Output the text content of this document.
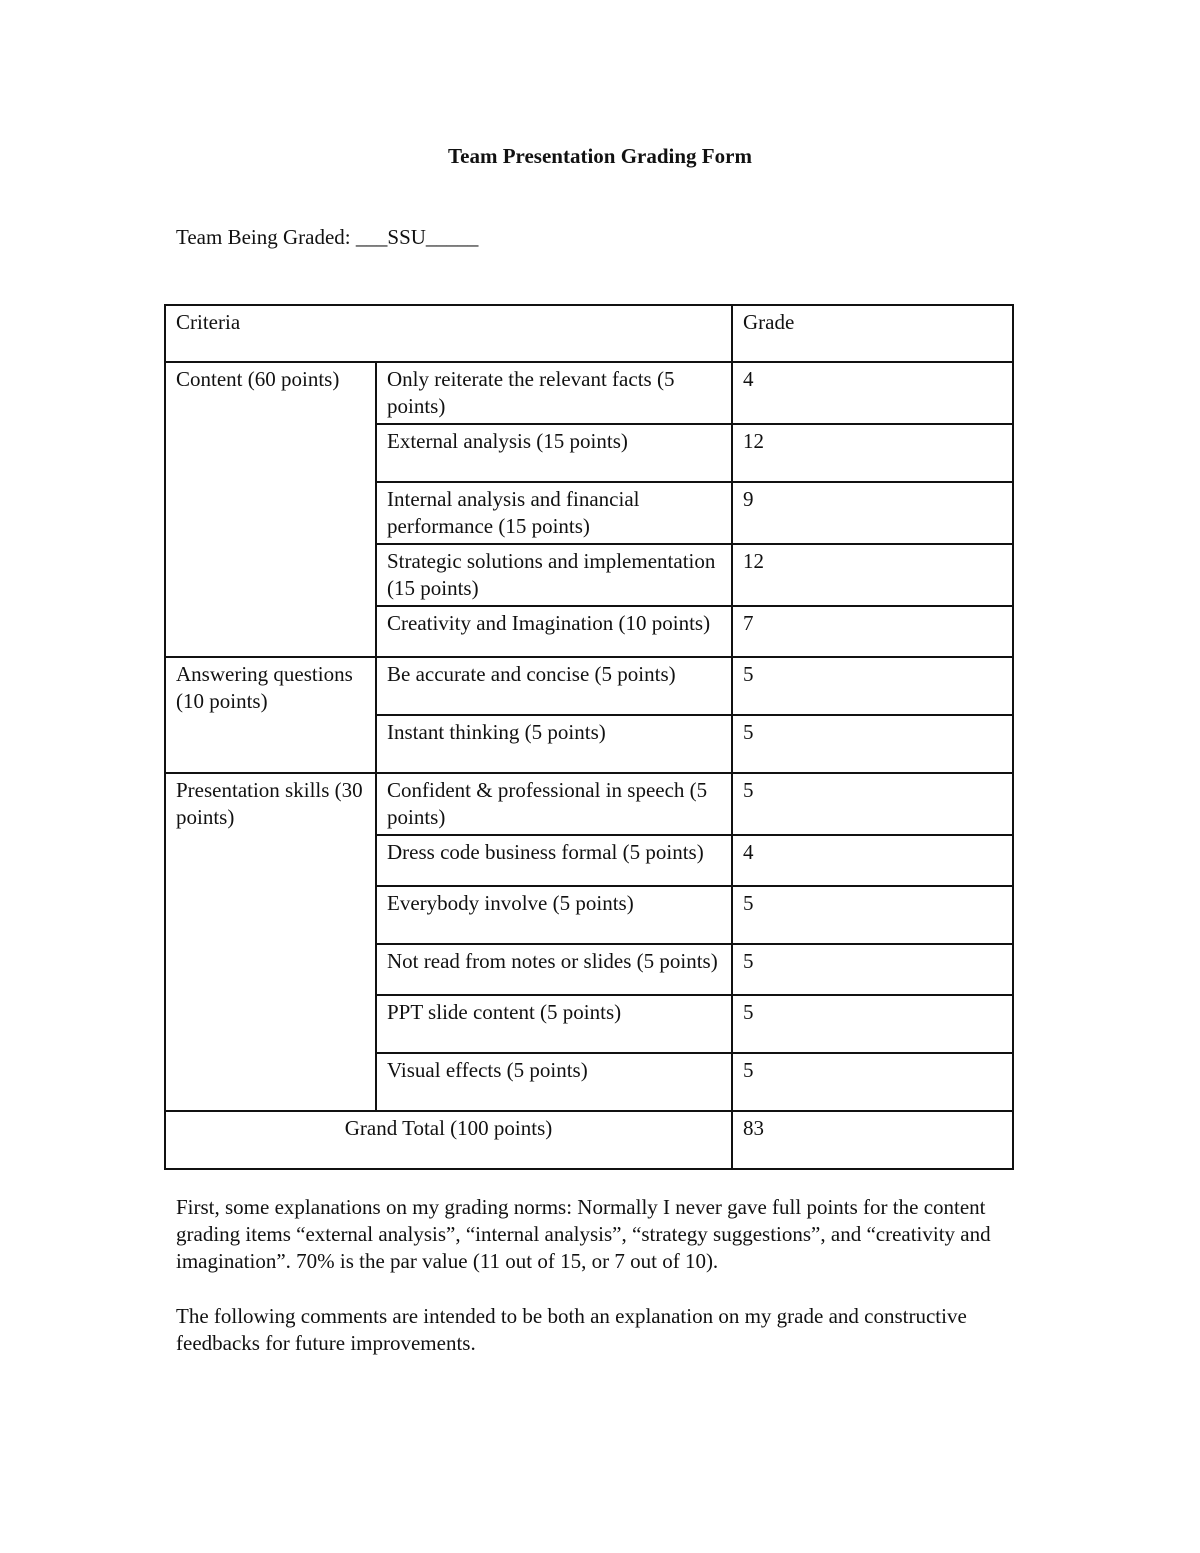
Team Presentation Grading Form
Team Being Graded: ___SSU_____
Criteria		Grade
Content (60 points)	Only reiterate the relevant facts (5 points)	4
	External analysis (15 points)	12
	Internal analysis and financial performance (15 points)	9
	Strategic solutions and implementation (15 points)	12
	Creativity and Imagination (10 points)	7
Answering questions (10 points)	Be accurate and concise (5 points)	5
	Instant thinking (5 points)	5
Presentation skills (30 points)	Confident & professional in speech (5 points)	5
	Dress code business formal (5 points)	4
	Everybody involve (5 points)	5
	Not read from notes or slides (5 points)	5
	PPT slide content (5 points)	5
	Visual effects (5 points)	5
Grand Total (100 points)		83

First, some explanations on my grading norms: Normally I never gave full points for the content grading items “external analysis”, “internal analysis”, “strategy suggestions”, and “creativity and imagination”. 70% is the par value (11 out of 15, or 7 out of 10).

The following comments are intended to be both an explanation on my grade and constructive feedbacks for future improvements.
